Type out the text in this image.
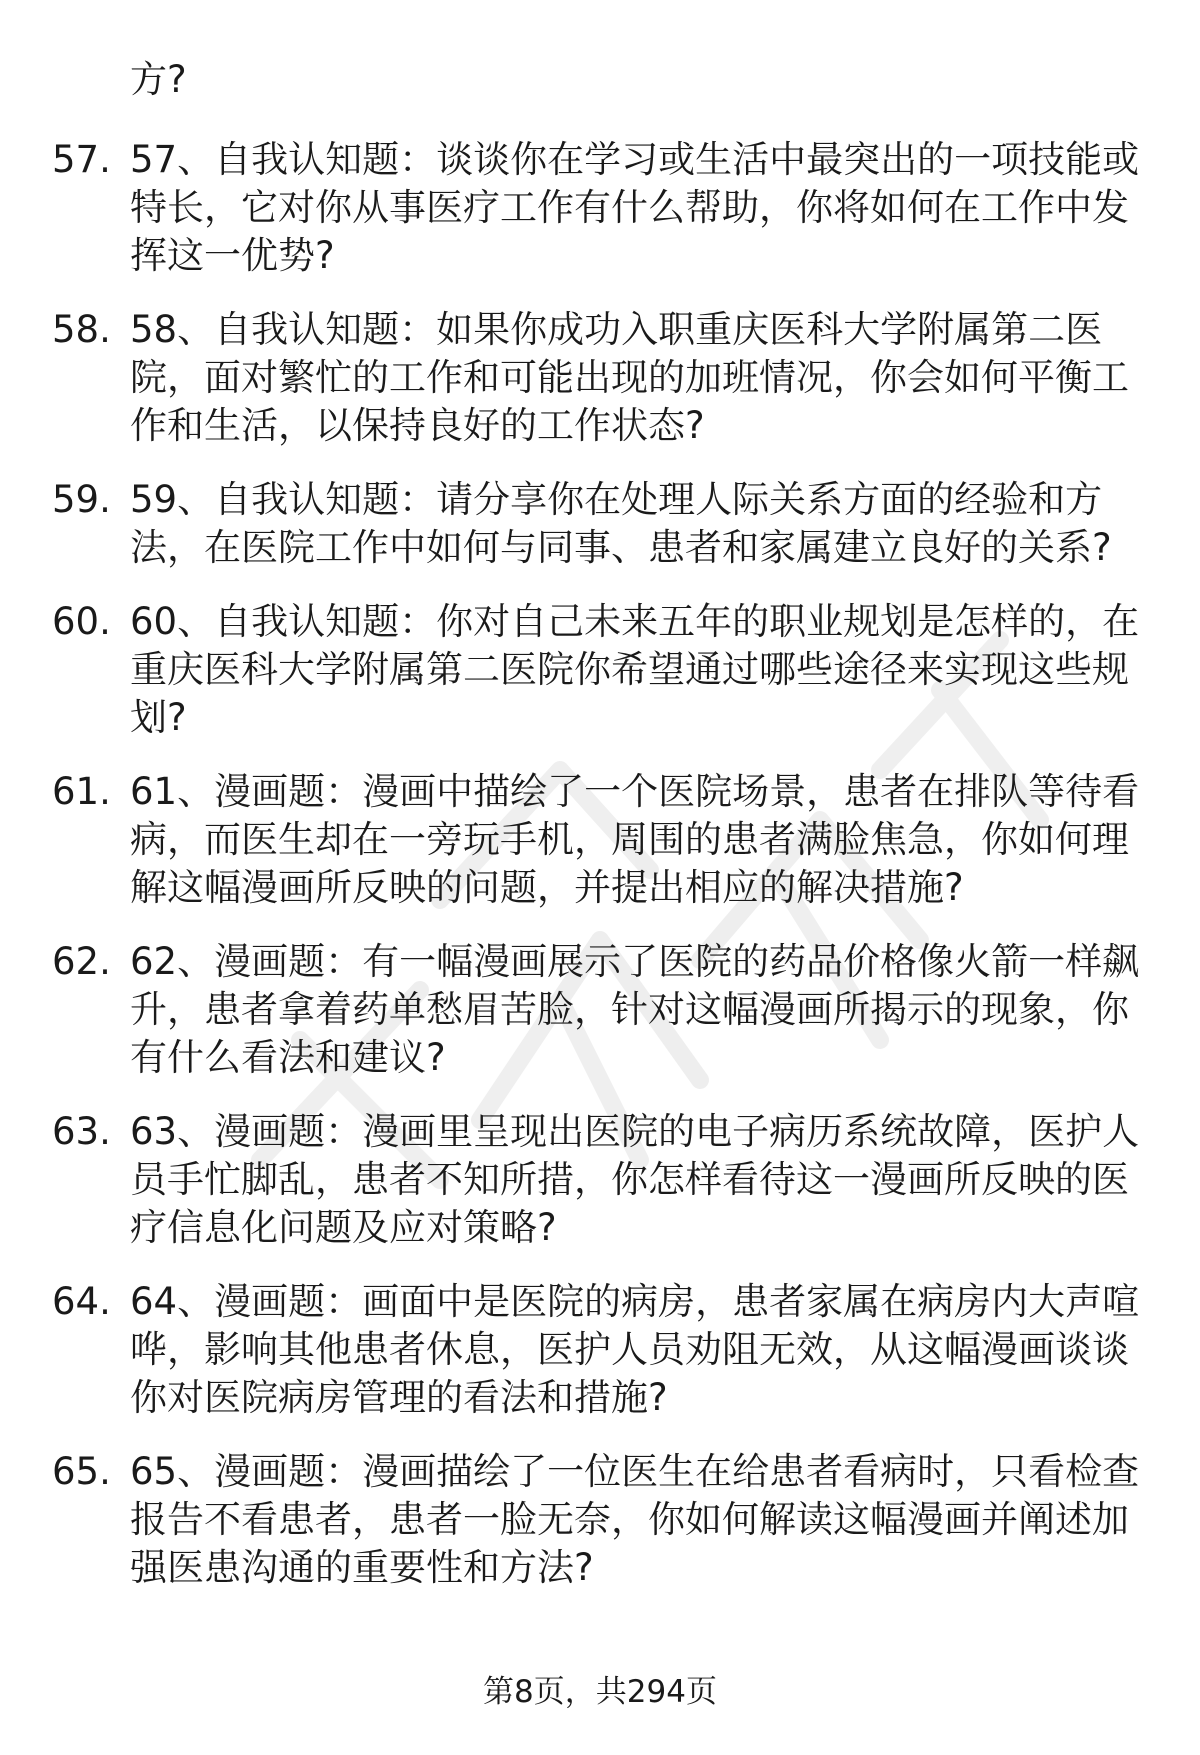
方?

57. 57、自我认知题：谈谈你在学习或生活中最突出的一项技能或特长，它对你从事医疗工作有什么帮助，你将如何在工作中发挥这一优势?
58. 58、自我认知题：如果你成功入职重庆医科大学附属第二医院，面对繁忙的工作和可能出现的加班情况，你会如何平衡工作和生活，以保持良好的工作状态?
59. 59、自我认知题：请分享你在处理人际关系方面的经验和方法，在医院工作中如何与同事、患者和家属建立良好的关系?
60. 60、自我认知题：你对自己未来五年的职业规划是怎样的，在重庆医科大学附属第二医院你希望通过哪些途径来实现这些规划?
61. 61、漫画题：漫画中描绘了一个医院场景，患者在排队等待看病，而医生却在一旁玩手机，周围的患者满脸焦急，你如何理解这幅漫画所反映的问题，并提出相应的解决措施?
62. 62、漫画题：有一幅漫画展示了医院的药品价格像火箭一样飙升，患者拿着药单愁眉苦脸，针对这幅漫画所揭示的现象，你有什么看法和建议?
63. 63、漫画题：漫画里呈现出医院的电子病历系统故障，医护人员手忙脚乱，患者不知所措，你怎样看待这一漫画所反映的医疗信息化问题及应对策略?
64. 64、漫画题：画面中是医院的病房，患者家属在病房内大声喧哗，影响其他患者休息，医护人员劝阻无效，从这幅漫画谈谈你对医院病房管理的看法和措施?
65. 65、漫画题：漫画描绘了一位医生在给患者看病时，只看检查报告不看患者，患者一脸无奈，你如何解读这幅漫画并阐述加强医患沟通的重要性和方法?
第8页，共294页
